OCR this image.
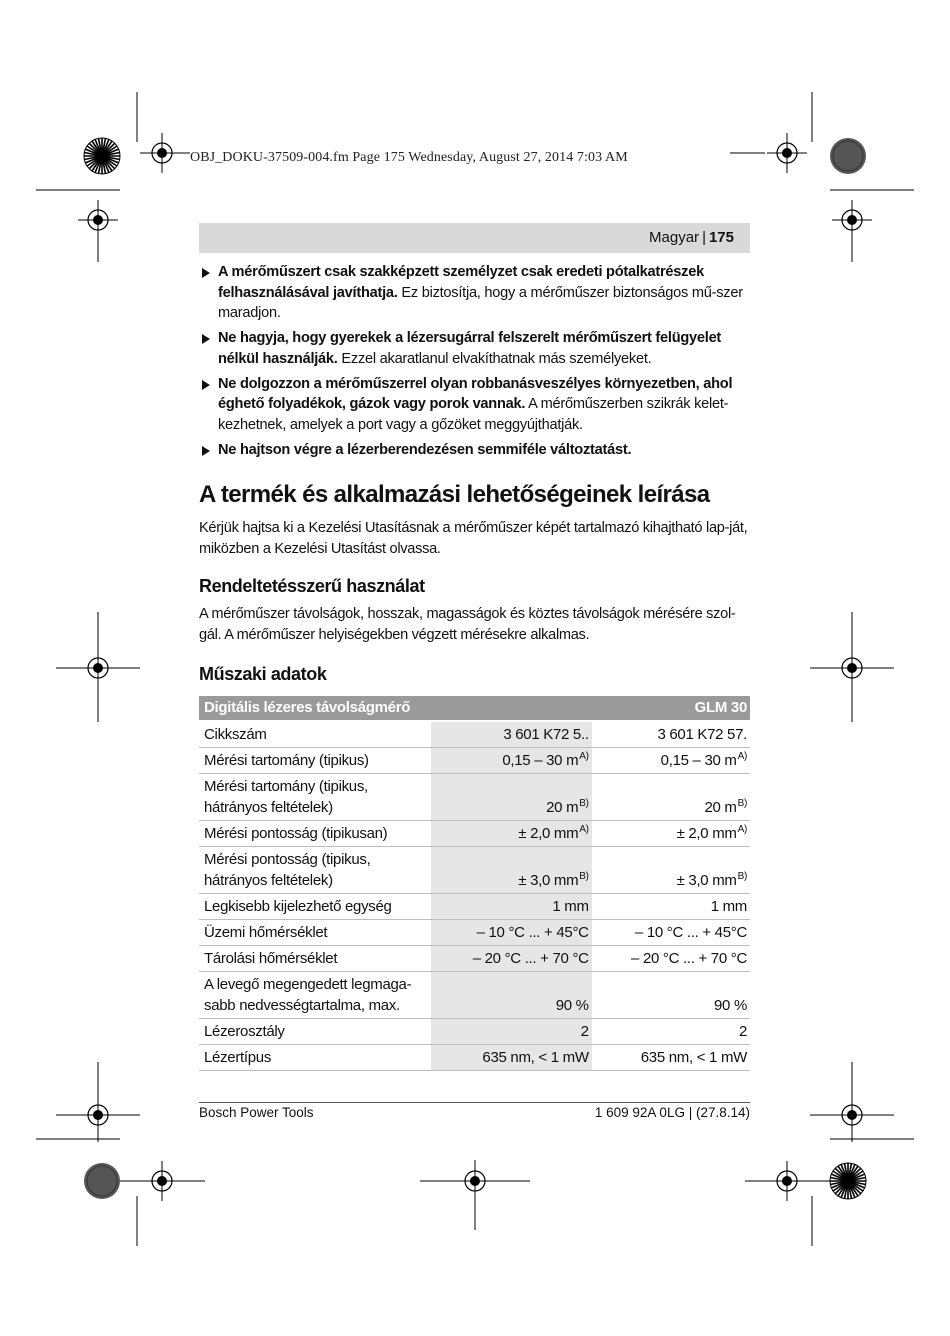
OBJ_DOKU-37509-004.fm Page 175 Wednesday, August 27, 2014 7:03 AM
Magyar | 175
A mérőműszert csak szakképzett személyzet csak eredeti pótalkatrészek felhasználásával javíthatja. Ez biztosítja, hogy a mérőműszer biztonságos mű-szer maradjon.
Ne hagyja, hogy gyerekek a lézersugárral felszerelt mérőműszert felügyelet nélkül használják. Ezzel akaratlanul elvakíthatnak más személyeket.
Ne dolgozzon a mérőműszerrel olyan robbanásveszélyes környezetben, ahol éghető folyadékok, gázok vagy porok vannak. A mérőműszerben szikrák kelet-kezhetnek, amelyek a port vagy a gőzöket meggyújthatják.
Ne hajtson végre a lézerberendezésen semmiféle változtatást.
A termék és alkalmazási lehetőségeinek leírása

Kérjük hajtsa ki a Kezelési Utasításnak a mérőműszer képét tartalmazó kihajtható lap-ját, miközben a Kezelési Utasítást olvassa.

Rendeltetésszerű használat

A mérőműszer távolságok, hosszak, magasságok és köztes távolságok mérésére szol-gál. A mérőműszer helyiségekben végzett mérésekre alkalmas.

Műszaki adatok
Digitális lézeres távolságmérő		GLM 30
Cikkszám	3 601 K72 5..	3 601 K72 57.
Mérési tartomány (tipikus)	0,15 – 30 $m^{A)}$	0,15 – 30 $m^{A)}$
Mérési tartomány (tipikus, hátrányos feltételek)	20 $m^{B)}$	20 $m^{B)}$
Mérési pontosság (tipikusan)	± 2,0 $mm^{A)}$	± 2,0 $mm^{A)}$
Mérési pontosság (tipikus, hátrányos feltételek)	± 3,0 $mm^{B)}$	± 3,0 $mm^{B)}$
Legkisebb kijelezhető egység	1 mm	1 mm
Üzemi hőmérséklet	– 10 °C ... + 45°C	– 10 °C ... + 45°C
Tárolási hőmérséklet	– 20 °C ... + 70 °C	– 20 °C ... + 70 °C
A levegő megengedett legmaga-sabb nedvességtartalma, max.	90 %	90 %
Lézerosztály	2	2
Lézertípus	635 nm, < 1 mW	635 nm, < 1 mW
Bosch Power Tools	1 609 92A 0LG | (27.8.14)
